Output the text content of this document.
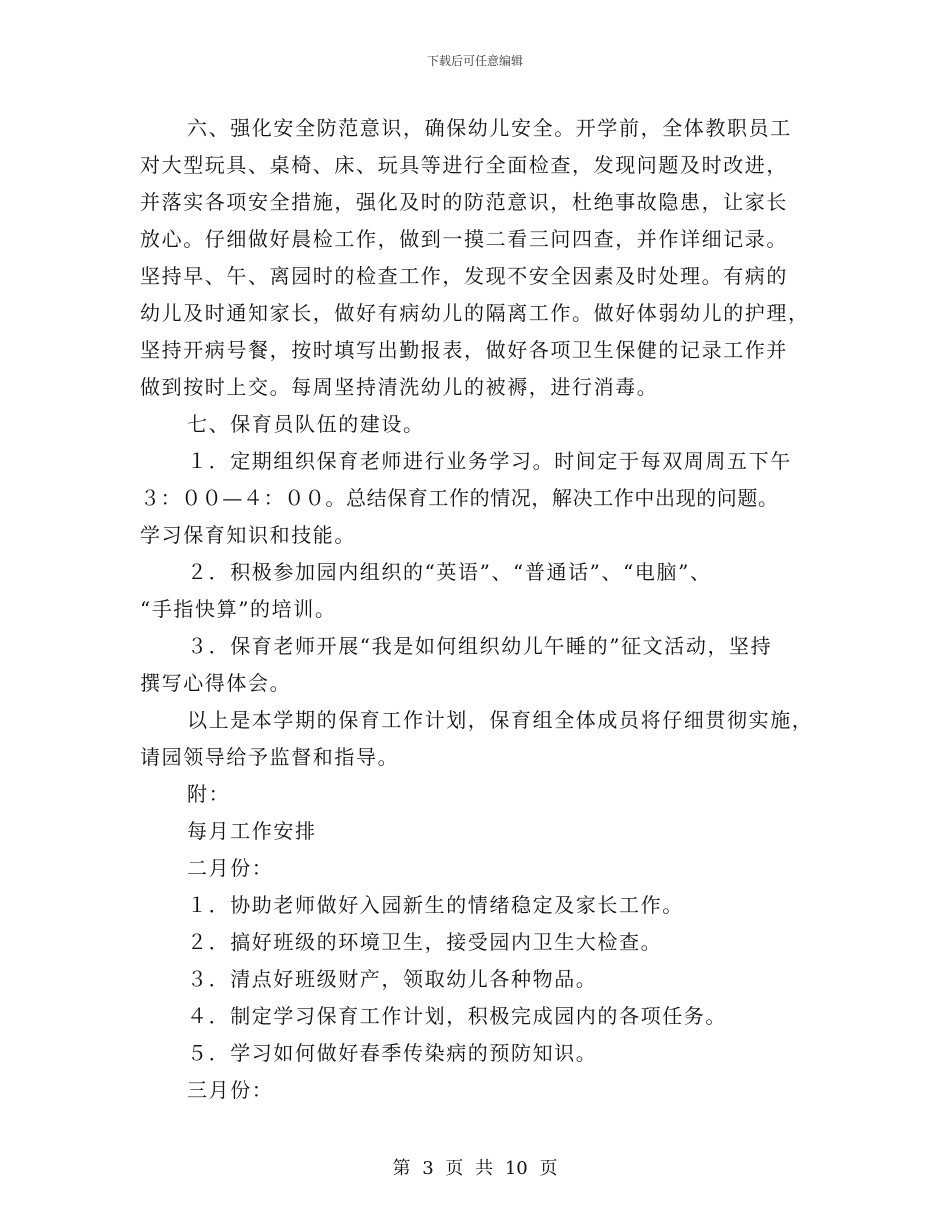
下载后可任意编辑
六、强化安全防范意识，确保幼儿安全。开学前，全体教职员工
对大型玩具、桌椅、床、玩具等进行全面检查，发现问题及时改进，
并落实各项安全措施，强化及时的防范意识，杜绝事故隐患，让家长
放心。仔细做好晨检工作，做到一摸二看三问四查，并作详细记录。
坚持早、午、离园时的检查工作，发现不安全因素及时处理。有病的
幼儿及时通知家长，做好有病幼儿的隔离工作。做好体弱幼儿的护理，
坚持开病号餐，按时填写出勤报表，做好各项卫生保健的记录工作并
做到按时上交。每周坚持清洗幼儿的被褥，进行消毒。
七、保育员队伍的建设。
１．定期组织保育老师进行业务学习。时间定于每双周周五下午
３：００—４：００。总结保育工作的情况，解决工作中出现的问题。
学习保育知识和技能。
２．积极参加园内组织的“英语”、“普通话”、“电脑”、
“手指快算”的培训。
３．保育老师开展“我是如何组织幼儿午睡的”征文活动，坚持
撰写心得体会。
以上是本学期的保育工作计划，保育组全体成员将仔细贯彻实施，
请园领导给予监督和指导。
附：
每月工作安排
二月份：
１．协助老师做好入园新生的情绪稳定及家长工作。
２．搞好班级的环境卫生，接受园内卫生大检查。
３．清点好班级财产，领取幼儿各种物品。
４．制定学习保育工作计划，积极完成园内的各项任务。
５．学习如何做好春季传染病的预防知识。
三月份：
第 3 页 共 10 页
